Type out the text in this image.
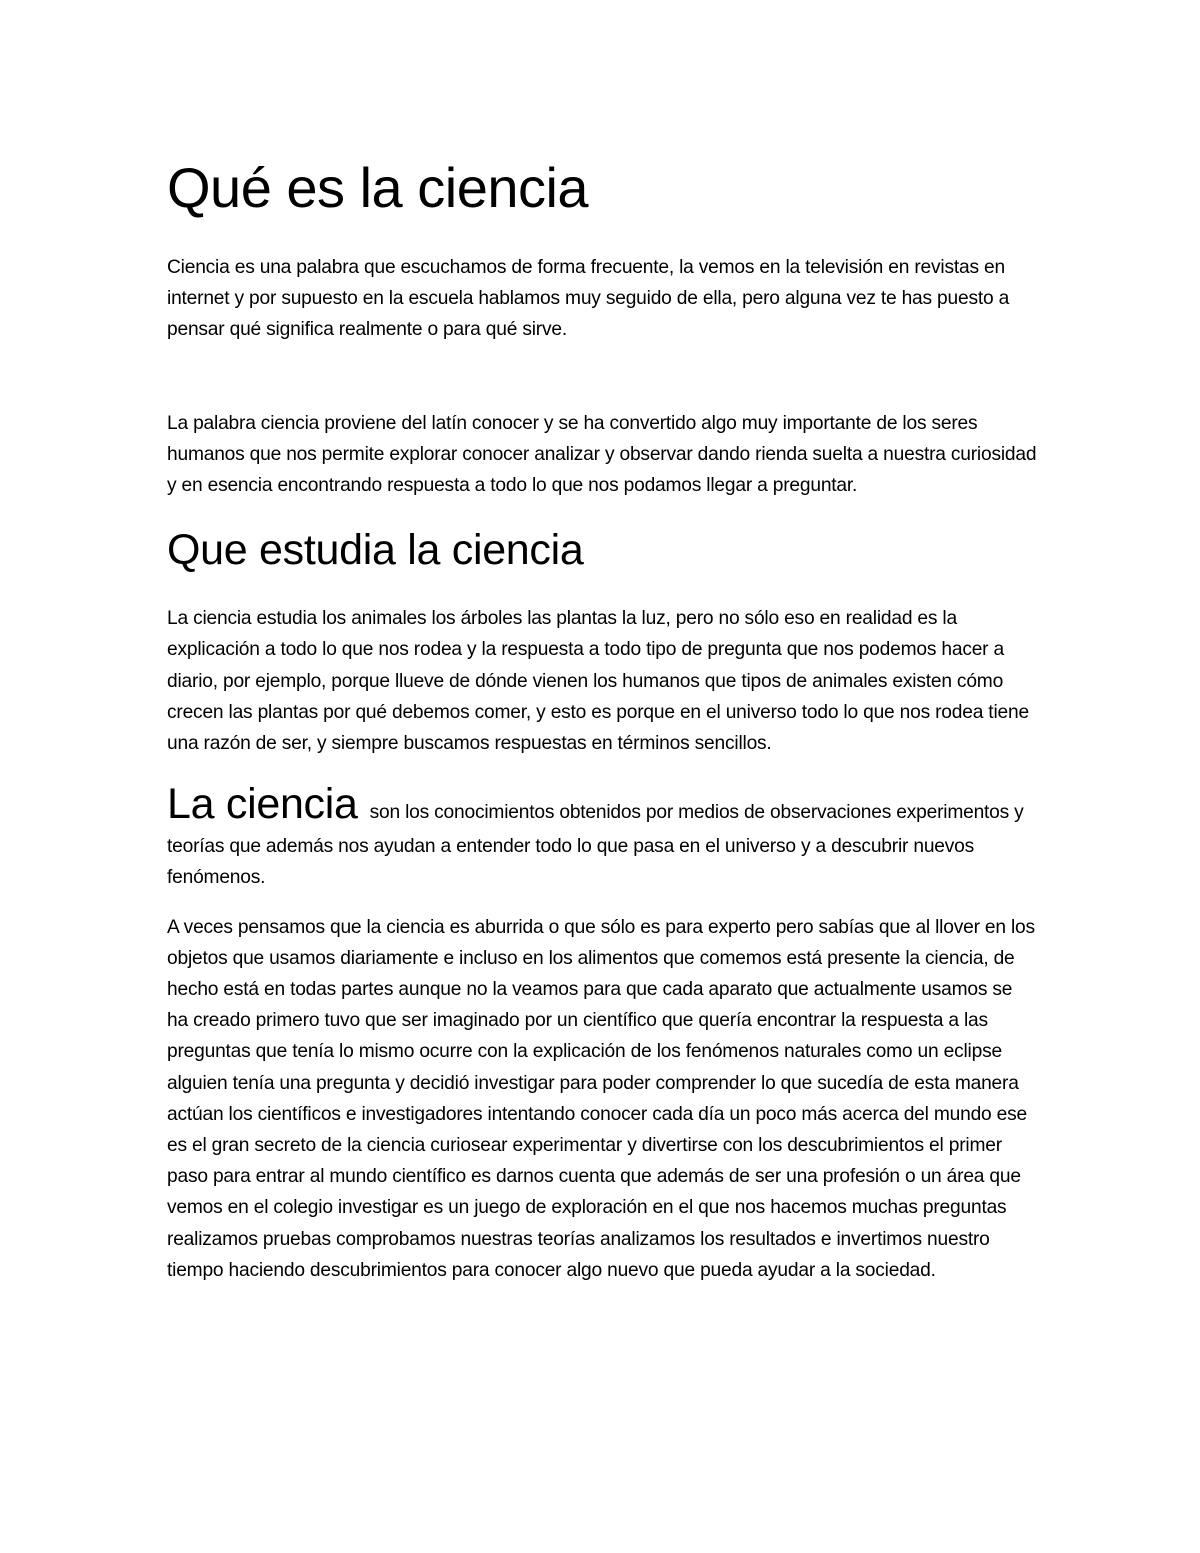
Qué es la ciencia

Ciencia es una palabra que escuchamos de forma frecuente, la vemos en la televisión en revistas en internet y por supuesto en la escuela hablamos muy seguido de ella, pero alguna vez te has puesto a pensar qué significa realmente o para qué sirve.

La palabra ciencia proviene del latín conocer y se ha convertido algo muy importante de los seres humanos que nos permite explorar conocer analizar y observar dando rienda suelta a nuestra curiosidad y en esencia encontrando respuesta a todo lo que nos podamos llegar a preguntar.

Que estudia la ciencia

La ciencia estudia los animales los árboles las plantas la luz, pero no sólo eso en realidad es la explicación a todo lo que nos rodea y la respuesta a todo tipo de pregunta que nos podemos hacer a diario, por ejemplo, porque llueve de dónde vienen los humanos que tipos de animales existen cómo crecen las plantas por qué debemos comer, y esto es porque en el universo todo lo que nos rodea tiene una razón de ser, y siempre buscamos respuestas en términos sencillos.

La ciencia son los conocimientos obtenidos por medios de observaciones experimentos y teorías que además nos ayudan a entender todo lo que pasa en el universo y a descubrir nuevos fenómenos.

A veces pensamos que la ciencia es aburrida o que sólo es para experto pero sabías que al llover en los objetos que usamos diariamente e incluso en los alimentos que comemos está presente la ciencia, de hecho está en todas partes aunque no la veamos para que cada aparato que actualmente usamos se ha creado primero tuvo que ser imaginado por un científico que quería encontrar la respuesta a las preguntas que tenía lo mismo ocurre con la explicación de los fenómenos naturales como un eclipse alguien tenía una pregunta y decidió investigar para poder comprender lo que sucedía de esta manera actúan los científicos e investigadores intentando conocer cada día un poco más acerca del mundo ese es el gran secreto de la ciencia curiosear experimentar y divertirse con los descubrimientos el primer paso para entrar al mundo científico es darnos cuenta que además de ser una profesión o un área que vemos en el colegio investigar es un juego de exploración en el que nos hacemos muchas preguntas realizamos pruebas comprobamos nuestras teorías analizamos los resultados e invertimos nuestro tiempo haciendo descubrimientos para conocer algo nuevo que pueda ayudar a la sociedad.
